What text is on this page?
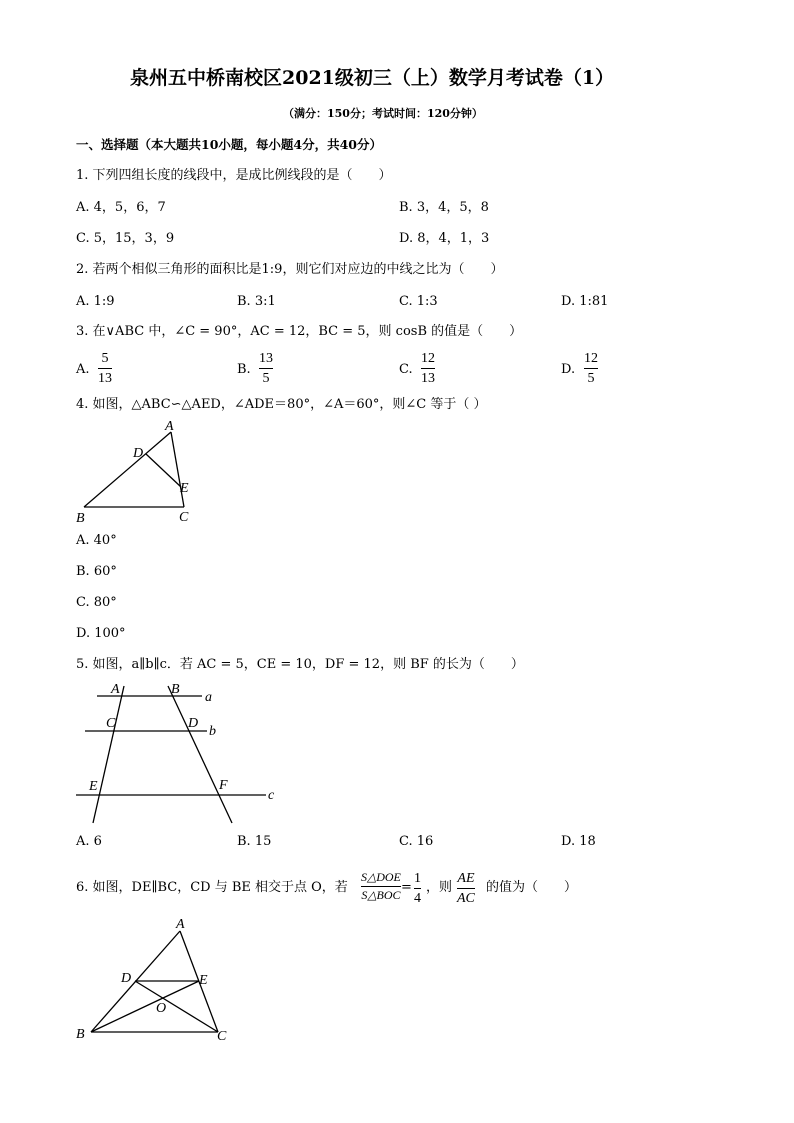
泉州五中桥南校区2021级初三（上）数学月考试卷（1）
（满分：150分；考试时间：120分钟）
一、选择题（本大题共10小题，每小题4分，共40分）
1. 下列四组长度的线段中，是成比例线段的是（　　）
A. 4，5，6，7	B. 3，4，5，8
C. 5，15，3，9	D. 8，4，1，3
2. 若两个相似三角形的面积比是1:9，则它们对应边的中线之比为（　　）
A. 1:9	B. 3:1	C. 1:3	D. 1:81
3. 在∨ABC 中，∠C = 90°，AC = 12，BC = 5，则 cosB 的值是（　　）
A.
5
13
B.
13
5
C.
12
13
D.
12
5
4. 如图，△ABC∽△AED，∠ADE＝80°，∠A＝60°，则∠C 等于（ ）
A
D
E
B	C
A. 40°
B. 60°
C. 80°
D. 100°
5. 如图，a∥b∥c．若 AC = 5，CE = 10，DF = 12，则 BF 的长为（　　）
A	B
a
C	D
b
E	F
c
A. 6	B. 15	C. 16	D. 18
6. 如图，DE∥BC，CD 与 BE 相交于点 O，若
S△DOE
S△BOC =
1
4
，则
AE
AC
的值为（　　）
A
D	E
O
B	C
